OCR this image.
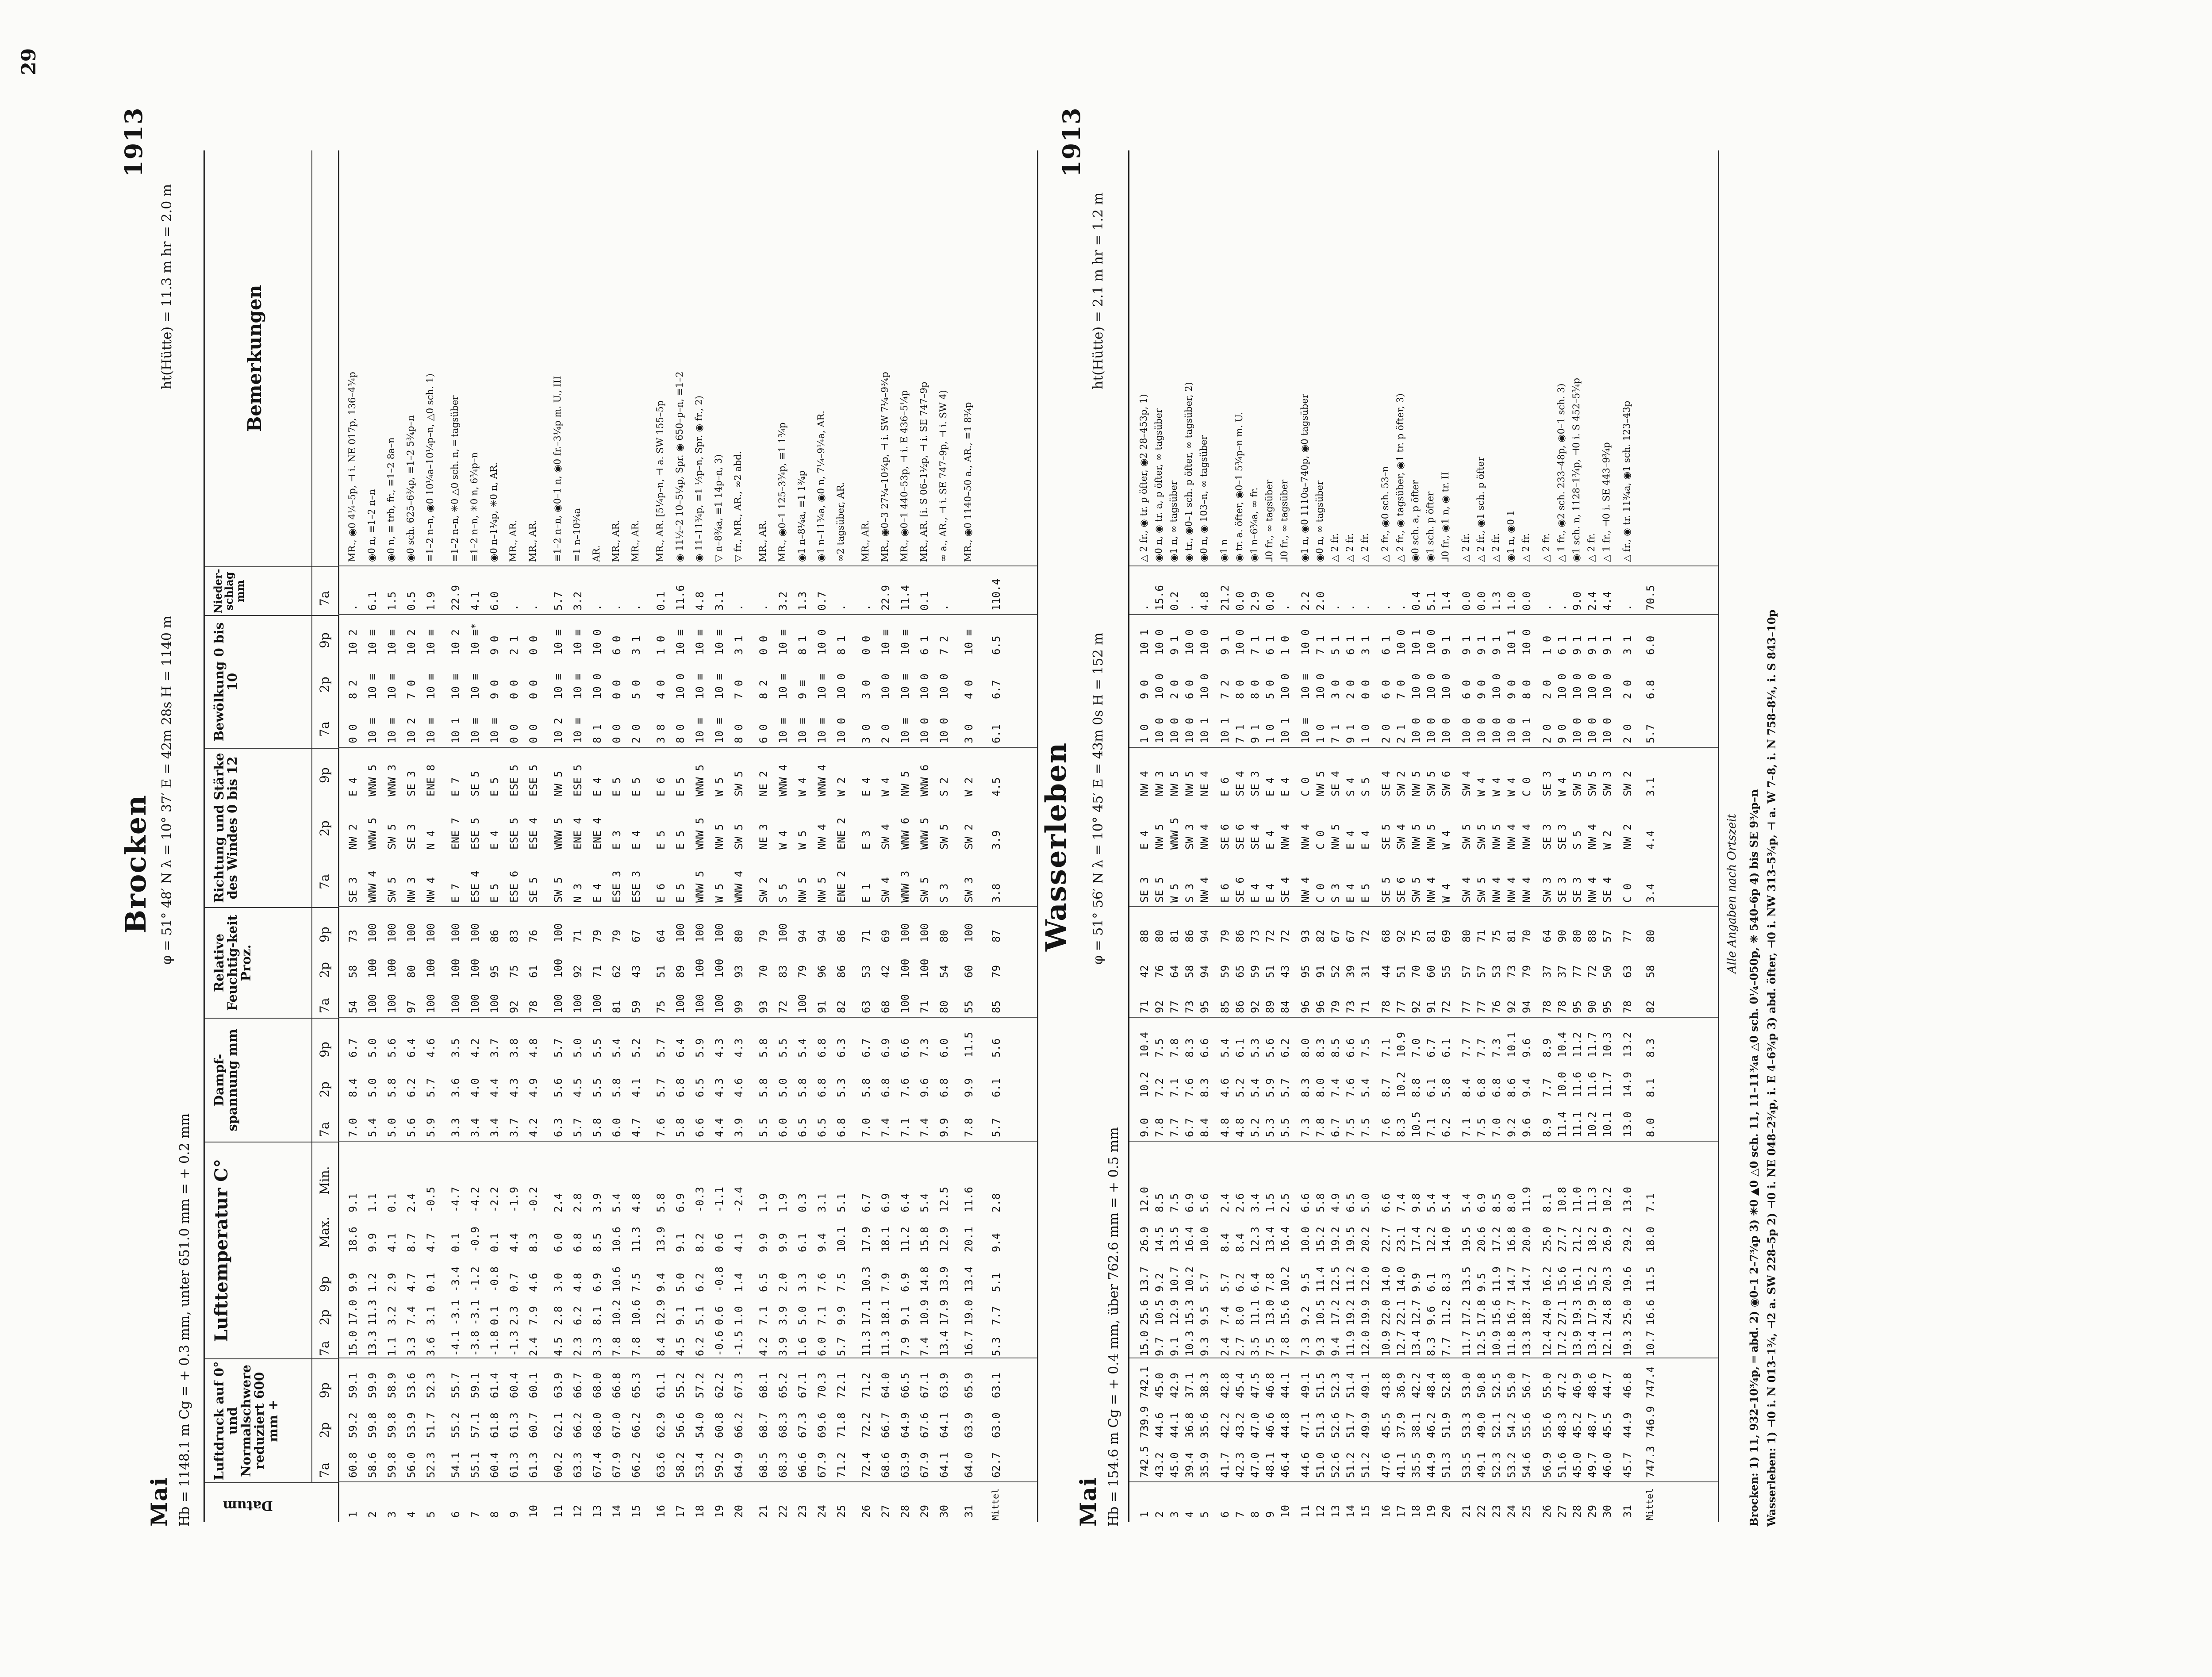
29
Brocken
1913
Mai Hb = 1148.1 m Cg = + 0.3 mm, unter 651.0 mm = + 0.2 mm
φ = 51° 48′ N λ = 10° 37′ E = 42m 28s H = 1140 m
ht(Hütte) = 11.3 m hr = 2.0 m
Datum
Luftdruck auf 0° und Normalschwere reduziert 600 mm +
Lufttemperatur C°
Dampf-spannung mm
Relative Feuchtig-keit Proz.
Richtung und Stärke des Windes 0 bis 12
Bewölkung 0 bis 10
Nieder-schlag mm
Bemerkungen
7a
2p
9p
7a
2p
9p
Max.
Min.
7a
2p
9p
7a
2p
9p
7a
2p
9p
7a
2p
9p
7a
1
60.8
59.2
59.1
15.0
17.0
9.9
18.6
9.1
7.0
8.4
6.7
54
58
73
SE 3
NW 2
E 4
0 0
8 2
10 2
.
MR., ◉0 4¼–5p, ⊣ i. NE 017p, 136–4¾p
2
58.6
59.8
59.9
13.3
11.3
1.2
9.9
1.1
5.4
5.0
5.0
100
100
100
WNW 4
WNW 5
WNW 5
10 ≡
10 ≡
10 ≡
6.1
◉0 n, ≡1–2 n–n
3
59.8
59.8
58.9
1.1
3.2
2.9
4.1
0.1
5.0
5.8
5.6
100
100
100
SW 5
SW 5
WNW 3
10 ≡
10 ≡
10 ≡
1.5
◉0 n, ≡ trb, fr., ≡1–2 8a–n
4
56.0
53.9
53.6
3.3
7.4
4.7
8.7
2.4
5.6
6.2
6.4
97
80
100
NW 3
SE 3
SE 3
10 2
7 0
10 2
0.5
◉0 sch. 625–6¾p, ≡1–2 5¾p–n
5
52.3
51.7
52.3
3.6
3.1
0.1
4.7
-0.5
5.9
5.7
4.6
100
100
100
NW 4
N 4
ENE 8
10 ≡
10 ≡
10 ≡
1.9
≡1–2 n–n, ◉0 10¼a–10¼p–n, △0 sch. 1)
6
54.1
55.2
55.7
-4.1
-3.1
-3.4
0.1
-4.7
3.3
3.6
3.5
100
100
100
E 7
ENE 7
E 7
10 1
10 ≡
10 2
22.9
≡1–2 n–n, ✳0 △0 sch. n, ═ tagsüber
7
55.1
57.1
59.1
-3.8
-3.1
-1.2
-0.9
-4.2
3.4
4.0
4.2
100
100
100
ESE 4
ESE 5
SE 5
10 ≡
10 ≡
10 ≡*
4.1
≡1–2 n–n, ✳0 n, 6¾p–n
8
60.4
61.8
61.4
-1.8
0.1
-0.8
0.1
-2.2
3.4
4.4
3.7
100
95
86
E 5
E 4
E 5
10 ≡
9 0
9 0
6.0
◉0 n–1¼p, ✳0 n, AR.
9
61.3
61.3
60.4
-1.3
2.3
0.7
4.4
-1.9
3.7
4.3
3.8
92
75
83
ESE 6
ESE 5
ESE 5
0 0
0 0
2 1
.
MR., AR.
10
61.3
60.7
60.1
2.4
7.9
4.6
8.3
-0.2
4.2
4.9
4.8
78
61
76
SE 5
ESE 4
ESE 5
0 0
0 0
0 0
.
MR., AR.
11
60.2
62.1
63.9
4.5
2.8
3.0
6.0
2.4
6.3
5.6
5.7
100
100
100
SW 5
WNW 5
NW 5
10 2
10 ≡
10 ≡
5.7
≡1–2 n–n, ◉0–1 n, ◉0 fr.–3¼p m. U., III
12
63.3
66.2
66.7
2.3
6.2
4.8
6.8
2.8
5.7
4.5
5.0
100
92
71
N 3
ENE 4
ESE 5
10 ≡
10 ≡
10 ≡
3.2
≡1 n–10¾a
13
67.4
68.0
68.0
3.3
8.1
6.9
8.5
3.9
5.8
5.5
5.5
100
71
79
E 4
ENE 4
E 4
8 1
10 0
10 0
.
AR.
14
67.9
67.0
66.8
7.8
10.2
10.6
10.6
5.4
6.0
5.8
5.4
81
62
79
ESE 3
E 3
E 5
0 0
0 0
6 0
.
MR., AR.
15
66.2
66.2
65.3
7.8
10.6
7.5
11.3
4.8
4.7
4.1
5.2
59
43
67
ESE 3
E 4
E 5
2 0
5 0
3 1
.
MR., AR.
16
63.6
62.9
61.1
8.4
12.9
9.4
13.9
5.8
7.6
5.7
5.7
75
51
64
E 6
E 5
E 6
3 8
4 0
1 0
0.1
MR., AR. [5¼p–n, ⊣ a. SW 155–5p
17
58.2
56.6
55.2
4.5
9.1
5.0
9.1
6.9
5.8
6.8
6.4
100
89
100
E 5
E 5
E 5
8 0
10 0
10 ≡
11.6
◉ 11½–2 10–5¼p, Spr. ◉ 650–p–n, ≡1–2
18
53.4
54.0
57.2
6.2
5.1
6.2
8.2
-0.3
6.6
6.5
5.9
100
100
100
WNW 5
WNW 5
WNW 5
10 ≡
10 ≡
10 ≡
4.8
◉ 11–11¾p, ≡1 ½p–n, Spr. ◉ fr., 2)
19
59.2
60.8
62.2
-0.6
0.6
-0.8
0.6
-1.1
4.4
4.3
4.3
100
100
100
W 5
NW 5
W 5
10 ≡
10 ≡
10 ≡
3.1
▽ n–8¾a, ≡1 14p–n, 3)
20
64.9
66.2
67.3
-1.5
1.0
1.4
4.1
-2.4
3.9
4.6
4.3
99
93
80
WNW 4
SW 5
SW 5
8 0
7 0
3 1
.
▽ fr., MR., AR., ∞2 abd.
21
68.5
68.7
68.1
4.2
7.1
6.5
9.9
1.9
5.5
5.8
5.8
93
70
79
SW 2
NE 3
NE 2
6 0
8 2
0 0
.
MR., AR.
22
68.3
68.3
65.2
3.9
3.9
2.0
9.9
1.9
6.0
5.0
5.5
72
83
100
S 5
W 4
WNW 4
10 ≡
10 ≡
10 ≡
3.2
MR., ◉0–1 125–3¾p, ≡1 1¾p
23
66.6
67.3
67.1
1.6
5.0
3.3
6.1
0.3
6.5
5.8
5.4
100
79
94
NW 5
W 5
W 4
10 ≡
9 ≡
8 1
1.3
◉1 n–8¼a, ≡1 1¾p
24
67.9
69.6
70.3
6.0
7.1
7.6
9.4
3.1
6.5
6.8
6.8
91
96
94
NW 5
NW 4
WNW 4
10 ≡
10 ≡
10 0
0.7
◉1 n–11¾a, ◉0 n, 7¼–9¼a, AR.
25
71.2
71.8
72.1
5.7
9.9
7.5
10.1
5.1
6.8
5.3
6.3
82
86
86
ENE 2
ENE 2
W 2
10 0
10 0
8 1
.
∞2 tagsüber, AR.
26
72.4
72.2
71.2
11.3
17.1
10.3
17.9
6.7
7.0
5.8
6.7
63
53
71
E 1
E 3
E 4
3 0
3 0
0 0
.
MR., AR.
27
68.6
66.7
64.0
11.3
18.1
7.9
18.1
6.9
7.4
6.8
6.9
68
42
69
SW 4
SW 4
W 4
2 0
10 0
10 ≡
22.9
MR., ◉0–3 27¼–10¾p, ⊣ i. SW 7¼–9¾p
28
63.9
64.9
66.5
7.9
9.1
6.9
11.2
6.4
7.1
7.6
6.6
100
100
100
WNW 3
WNW 6
NW 5
10 ≡
10 ≡
10 ≡
11.4
MR., ◉0–1 440–53p, ⊣ i. E 436–5¼p
29
67.9
67.6
67.1
7.4
10.9
14.8
15.8
5.4
7.4
9.6
7.3
71
100
100
SW 5
WNW 5
WNW 6
10 0
10 0
6 1
0.1
MR., AR. [i. S 06–1½p, ⊣ i. SE 747–9p
30
64.1
64.1
63.9
13.4
17.9
13.9
12.9
12.5
9.9
6.8
6.0
80
54
80
S 3
SW 5
S 2
10 0
10 0
7 2
.
∞ a., AR., ⊣ i. SE 747–9p, ⊣ i. SW 4)
31
64.0
63.9
65.9
16.7
19.0
13.4
20.1
11.6
7.8
9.9
11.5
55
60
100
SW 3
SW 2
W 2
3 0
4 0
10 ≡
MR., ◉0 1140–50 a., AR., ≡1 8¾p
Mittel
62.7
63.0
63.1
5.3
7.7
5.1
9.4
2.8
5.7
6.1
5.6
85
79
87
3.8
3.9
4.5
6.1
6.7
6.5
110.4
Wasserleben
1913
Mai Hb = 154.6 m Cg = + 0.4 mm, über 762.6 mm = + 0.5 mm
φ = 51° 56′ N λ = 10° 45′ E = 43m 0s H = 152 m
ht(Hütte) = 2.1 m hr = 1.2 m
1
742.5
739.9
742.1
15.0
25.6
13.7
26.9
12.0
9.0
10.2
10.4
71
42
88
SE 3
E 4
NW 4
1 0
9 0
10 1
.
△ 2 fr., ◉ tr. p öfter, ◉2 28–453p, 1)
2
43.2
44.6
45.0
9.7
10.5
9.2
14.5
8.5
7.8
7.2
7.5
92
76
80
SE 5
NW 5
NW 3
10 0
10 0
10 0
15.6
◉0 n, ◉ tr. a, p öfter, ∞ tagsüber
3
45.0
44.1
42.9
9.1
12.9
10.7
13.5
7.5
7.7
7.1
7.8
77
64
81
W 5
WNW 5
NW 5
10 0
2 0
9 1
0.2
◉1 n, ∞ tagsüber
4
39.4
36.8
37.1
10.3
15.3
10.2
16.4
6.9
6.7
7.6
8.3
73
58
86
S 3
SW 3
NW 5
10 0
6 0
10 0
.
◉ tr., ◉0–1 sch. p öfter, ∞ tagsüber, 2)
5
35.9
35.6
38.3
9.3
9.5
5.7
10.0
5.6
8.4
8.3
6.6
95
94
94
NW 4
NW 4
NE 4
10 1
10 0
10 0
4.8
◉0 n, ◉ 103–n, ∞ tagsüber
6
41.7
42.2
42.8
2.4
7.4
5.7
8.4
2.4
4.8
4.6
5.4
85
59
79
E 6
SE 6
E 6
10 1
7 2
9 1
21.2
◉1 n
7
42.3
43.2
45.4
2.7
8.0
6.2
8.4
2.6
4.8
5.2
6.1
86
65
86
SE 6
SE 6
SE 4
7 1
8 0
10 0
0.0
◉ tr. a. öfter, ◉0–1 5¾p–n m. U.
8
47.0
47.0
47.5
3.5
11.1
6.4
12.3
3.4
5.2
5.4
5.3
92
59
73
E 4
SE 4
SE 3
9 1
8 0
7 1
2.9
◉1 n–6¾a, ∞ fr.
9
48.1
46.6
46.8
7.5
13.0
7.8
13.4
1.5
5.3
5.9
5.6
89
51
72
E 4
E 4
E 4
1 0
5 0
6 1
0.0
⅃0 fr., ∞ tagsüber
10
46.4
44.8
44.1
7.8
15.6
10.2
16.4
2.5
5.5
5.7
6.2
84
43
72
SE 4
NW 4
E 4
10 1
10 0
1 0
.
⅃0 fr., ∞ tagsüber
11
44.6
47.1
49.1
7.3
9.2
9.5
10.0
6.6
7.3
8.3
8.0
96
95
93
NW 4
NW 4
C 0
10 ≡
10 ≡
10 0
2.2
◉1 n, ◉0 1110a–740p, ◉0 tagsüber
12
51.0
51.3
51.5
9.3
10.5
11.4
15.2
5.8
7.8
8.0
8.3
96
91
82
C 0
C 0
NW 5
1 0
10 0
7 1
2.0
◉0 n, ∞ tagsüber
13
52.6
52.6
52.3
9.4
17.2
12.5
19.2
4.9
6.7
7.4
8.5
79
52
67
S 3
NW 5
SE 4
7 1
3 0
5 1
.
△ 2 fr.
14
51.2
51.7
51.4
11.9
19.2
11.2
19.5
6.5
7.5
7.6
6.6
73
39
67
E 4
E 4
S 4
9 1
2 0
6 1
.
△ 2 fr.
15
51.2
49.9
49.1
12.0
19.9
12.0
20.2
5.0
7.5
5.4
7.5
71
31
72
E 5
E 4
S 5
1 0
0 0
3 1
.
△ 2 fr.
16
47.6
45.5
43.8
10.9
22.0
14.0
22.7
6.6
7.6
8.7
7.1
78
44
68
SE 5
SE 5
SE 4
2 0
6 0
6 1
.
△ 2 fr., ◉0 sch. 53–n
17
41.1
37.9
36.9
12.7
22.1
14.0
23.1
7.4
8.3
10.2
10.9
77
51
92
SE 6
SW 4
SW 2
2 1
7 0
10 0
.
△ 2 fr., ◉ tagsüber, ◉1 tr. p öfter, 3)
18
35.5
38.1
42.2
13.4
12.7
9.9
17.4
9.8
10.5
8.8
7.0
92
70
75
SW 5
NW 5
NW 5
10 0
10 0
10 1
0.4
◉0 sch. a, p öfter
19
44.9
46.2
48.4
8.3
9.6
6.1
12.2
5.4
7.1
6.1
6.7
91
60
81
NW 4
NW 5
SW 5
10 0
10 0
10 0
5.1
◉1 sch. p öfter
20
51.3
51.9
52.8
7.7
11.2
8.3
14.0
5.4
6.2
5.8
6.1
72
55
69
W 4
W 4
SW 6
10 0
10 0
9 1
1.4
⅃0 fr., ◉1 n, ◉ tr. II
21
53.5
53.3
53.0
11.7
17.2
13.5
19.5
5.4
7.1
8.4
7.7
77
57
80
SW 4
SW 5
SW 4
10 0
6 0
9 1
0.0
△ 2 fr.
22
49.1
49.0
50.8
12.5
17.8
9.5
20.6
6.9
7.5
6.8
7.7
77
57
71
SW 5
SW 5
W 4
10 0
9 0
9 1
0.0
△ 2 fr., ◉1 sch. p öfter
23
52.3
52.1
52.5
10.9
15.6
11.9
17.2
8.5
7.0
6.8
7.3
76
53
75
NW 4
NW 5
W 4
10 0
10 0
9 1
1.3
△ 2 fr.
24
53.2
54.2
55.0
11.8
16.7
14.7
16.8
8.0
9.2
8.6
10.1
92
73
81
NW 4
NW 4
W 4
10 0
9 0
10 1
1.0
◉1 n, ◉0 1
25
54.6
55.6
56.7
13.3
18.7
14.7
20.0
11.9
9.6
9.4
9.6
94
79
70
NW 4
NW 4
C 0
10 1
8 0
10 0
0.0
△ 2 fr.
26
56.9
55.6
55.0
12.4
24.0
16.2
25.0
8.1
8.9
7.7
8.9
78
37
64
SW 3
SE 3
SE 3
2 0
2 0
1 0
.
△ 2 fr.
27
51.6
48.3
47.2
17.2
27.1
15.6
27.7
10.8
11.4
10.0
10.4
78
37
90
SE 3
SE 3
W 4
9 0
10 0
6 1
.
△ 1 fr., ◉2 sch. 233–48p, ◉0–1 sch. 3)
28
45.0
45.2
46.9
13.9
19.3
16.1
21.2
11.0
11.1
11.6
11.2
95
77
80
SE 3
S 5
SW 5
10 0
10 0
9 1
9.0
◉1 sch. n, 1128–1¾p, ⊣0 i. S 452–5¾p
29
49.7
48.7
48.6
13.4
17.9
15.2
18.2
11.3
10.2
11.6
11.7
90
72
88
NW 4
NW 4
SW 5
10 0
10 0
9 1
2.4
△ 2 fr.
30
46.0
45.5
44.7
12.1
24.8
20.3
26.9
10.2
10.1
11.7
10.3
95
50
57
SE 4
W 2
SW 3
10 0
10 0
9 1
4.4
△ 1 fr., ⊣0 i. SE 443–9¾p
31
45.7
44.9
46.8
19.3
25.0
19.6
29.2
13.0
13.0
14.9
13.2
78
63
77
C 0
NW 2
SW 2
2 0
2 0
3 1
.
△ fr., ◉ tr. 11¾a, ◉1 sch. 123–43p
Mittel
747.3
746.9
747.4
10.7
16.6
11.5
18.0
7.1
8.0
8.1
8.3
82
58
80
3.4
4.4
3.1
5.7
6.8
6.0
70.5
Alle Angaben nach Ortszeit Brocken: 1) 11, 932–10¾p, ═ abd. 2) ◉0–1 2–7¾p 3) ✳0 ▲0 △0 sch. 11, 11–11¾a △0 sch. 0¼–050p, ✳ 540–6p 4) bis SE 9¾p–n Wasserleben: 1) ⊣0 i. N 013–1¾, ⊣2 a. SW 228–5p 2) ⊣0 i. NE 048–2¾p, i. E 4–6¾p 3) abd. öfter, ⊣0 i. NW 313–5¾p, ⊣ a. W 7–8, i. N 758–8¼, i. S 843–10p
